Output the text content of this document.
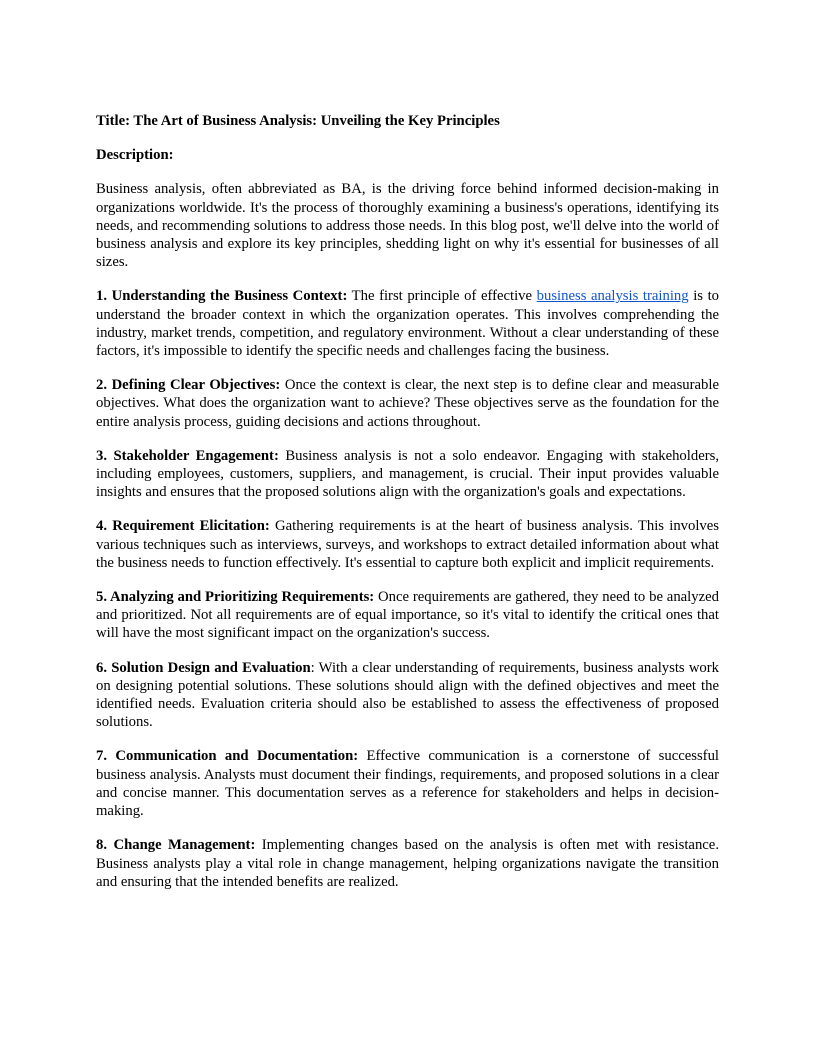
Title: The Art of Business Analysis: Unveiling the Key Principles
Description:

Business analysis, often abbreviated as BA, is the driving force behind informed decision-making in organizations worldwide. It's the process of thoroughly examining a business's operations, identifying its needs, and recommending solutions to address those needs. In this blog post, we'll delve into the world of business analysis and explore its key principles, shedding light on why it's essential for businesses of all sizes.

1. Understanding the Business Context: The first principle of effective business analysis training is to understand the broader context in which the organization operates. This involves comprehending the industry, market trends, competition, and regulatory environment. Without a clear understanding of these factors, it's impossible to identify the specific needs and challenges facing the business.

2. Defining Clear Objectives: Once the context is clear, the next step is to define clear and measurable objectives. What does the organization want to achieve? These objectives serve as the foundation for the entire analysis process, guiding decisions and actions throughout.

3. Stakeholder Engagement: Business analysis is not a solo endeavor. Engaging with stakeholders, including employees, customers, suppliers, and management, is crucial. Their input provides valuable insights and ensures that the proposed solutions align with the organization's goals and expectations.

4. Requirement Elicitation: Gathering requirements is at the heart of business analysis. This involves various techniques such as interviews, surveys, and workshops to extract detailed information about what the business needs to function effectively. It's essential to capture both explicit and implicit requirements.

5. Analyzing and Prioritizing Requirements: Once requirements are gathered, they need to be analyzed and prioritized. Not all requirements are of equal importance, so it's vital to identify the critical ones that will have the most significant impact on the organization's success.

6. Solution Design and Evaluation: With a clear understanding of requirements, business analysts work on designing potential solutions. These solutions should align with the defined objectives and meet the identified needs. Evaluation criteria should also be established to assess the effectiveness of proposed solutions.

7. Communication and Documentation: Effective communication is a cornerstone of successful business analysis. Analysts must document their findings, requirements, and proposed solutions in a clear and concise manner. This documentation serves as a reference for stakeholders and helps in decision-making.

8. Change Management: Implementing changes based on the analysis is often met with resistance. Business analysts play a vital role in change management, helping organizations navigate the transition and ensuring that the intended benefits are realized.
